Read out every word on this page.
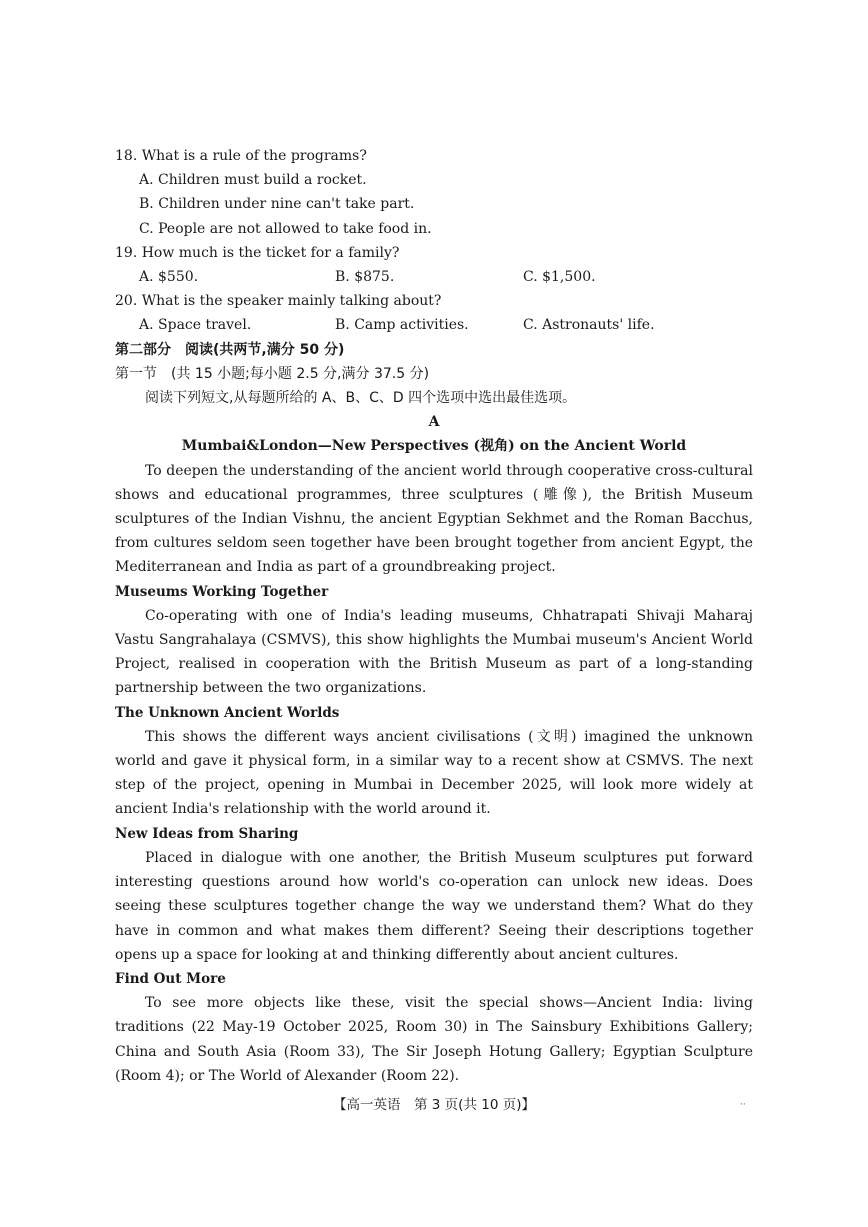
18. What is a rule of the programs?

A. Children must build a rocket.

B. Children under nine can't take part.

C. People are not allowed to take food in.

19. How much is the ticket for a family?

A. $550.	B. $875.	C. $1,500.

20. What is the speaker mainly talking about?

A. Space travel.	B. Camp activities.	C. Astronauts' life.

第二部分　阅读(共两节,满分 50 分)

第一节　(共 15 小题;每小题 2.5 分,满分 37.5 分)

阅读下列短文,从每题所给的 A、B、C、D 四个选项中选出最佳选项。

A

Mumbai&London—New Perspectives (视角) on the Ancient World

To deepen the understanding of the ancient world through cooperative cross-cultural shows and educational programmes, three sculptures (雕像), the British Museum sculptures of the Indian Vishnu, the ancient Egyptian Sekhmet and the Roman Bacchus, from cultures seldom seen together have been brought together from ancient Egypt, the Mediterranean and India as part of a groundbreaking project.

Museums Working Together

Co-operating with one of India's leading museums, Chhatrapati Shivaji Maharaj Vastu Sangrahalaya (CSMVS), this show highlights the Mumbai museum's Ancient World Project, realised in cooperation with the British Museum as part of a long-standing partnership between the two organizations.

The Unknown Ancient Worlds

This shows the different ways ancient civilisations (文明) imagined the unknown world and gave it physical form, in a similar way to a recent show at CSMVS. The next step of the project, opening in Mumbai in December 2025, will look more widely at ancient India's relationship with the world around it.

New Ideas from Sharing

Placed in dialogue with one another, the British Museum sculptures put forward interesting questions around how world's co-operation can unlock new ideas. Does seeing these sculptures together change the way we understand them? What do they have in common and what makes them different? Seeing their descriptions together opens up a space for looking at and thinking differently about ancient cultures.

Find Out More

To see more objects like these, visit the special shows—Ancient India: living traditions (22 May-19 October 2025, Room 30) in The Sainsbury Exhibitions Gallery; China and South Asia (Room 33), The Sir Joseph Hotung Gallery; Egyptian Sculpture (Room 4); or The World of Alexander (Room 22).

【高一英语　第 3 页(共 10 页)】	··
